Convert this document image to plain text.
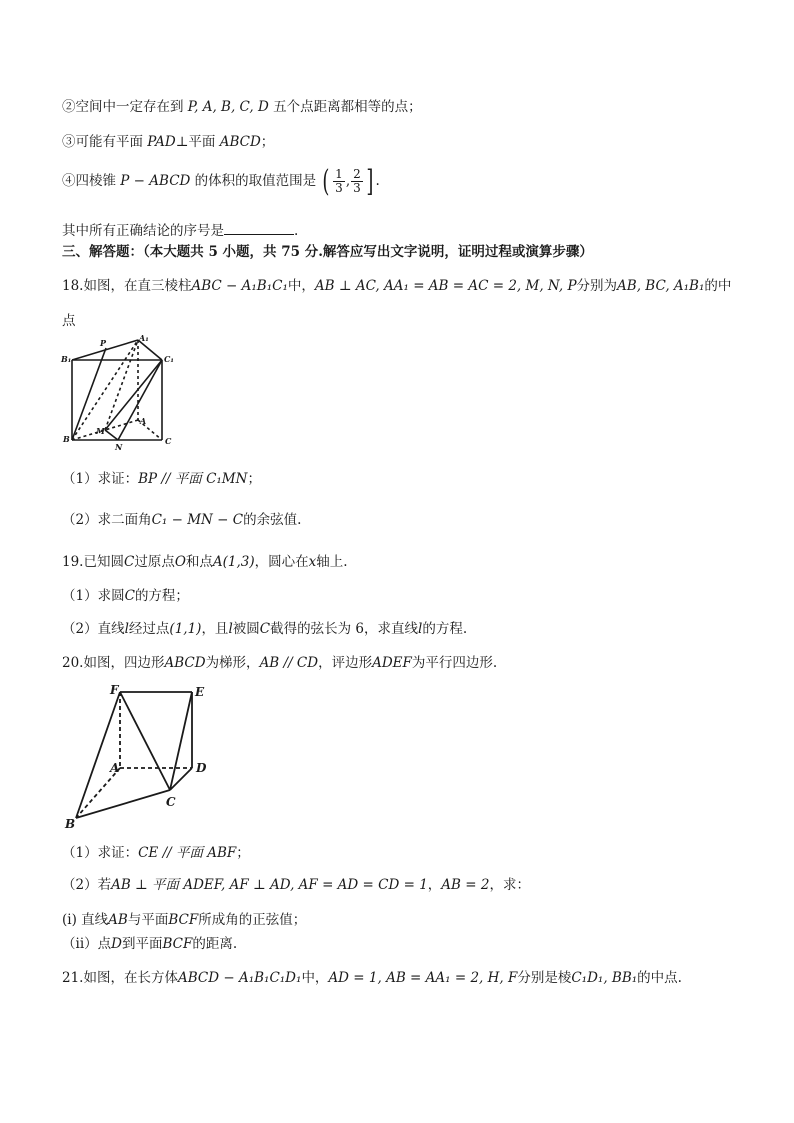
②空间中一定存在到 P, A, B, C, D 五个点距离都相等的点；
③可能有平面 PAD⊥平面 ABCD；
④四棱锥 P − ABCD 的体积的取值范围是 ( $\frac{1}{3}$ , $\frac{2}{3}$ ] .
其中所有正确结论的序号是	.
三、解答题：（本大题共 5 小题，共 75 分.解答应写出文字说明，证明过程或演算步骤）
18.如图，在直三棱柱ABC − A₁B₁C₁中，AB ⊥ AC, AA₁ = AB = AC = 2, M, N, P分别为AB, BC, A₁B₁的中
点
B₁
P	A₁
C₁
B
M
N
A
C
（1）求证：BP // 平面 C₁MN；
（2）求二面角C₁ − MN − C的余弦值.
19.已知圆C过原点O和点A(1,3)，圆心在x轴上.
（1）求圆C的方程；
（2）直线l经过点(1,1)，且l被圆C截得的弦长为 6，求直线l的方程.
20.如图，四边形ABCD为梯形，AB // CD，评边形ADEF为平行四边形.
F	E
A	D
C
B
（1）求证：CE // 平面 ABF；
（2）若AB ⊥ 平面 ADEF, AF ⊥ AD, AF = AD = CD = 1，AB = 2，求：
(i) 直线AB与平面BCF所成角的正弦值；
（ii）点D到平面BCF的距离.
21.如图，在长方体ABCD − A₁B₁C₁D₁中，AD = 1, AB = AA₁ = 2, H, F分别是棱C₁D₁, BB₁的中点.
